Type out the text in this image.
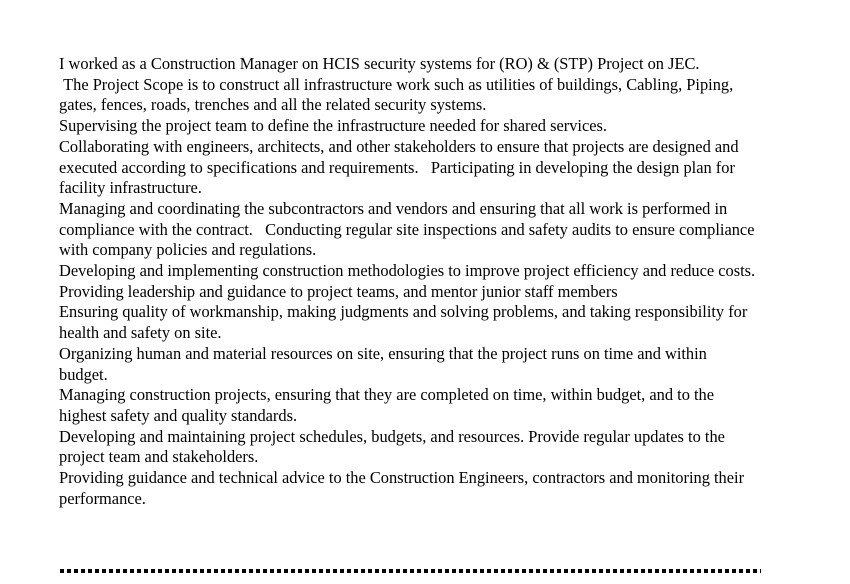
I worked as a Construction Manager on HCIS security systems for (RO) & (STP) Project on JEC.

The Project Scope is to construct all infrastructure work such as utilities of buildings, Cabling, Piping, gates, fences, roads, trenches and all the related security systems.

Supervising the project team to define the infrastructure needed for shared services.

Collaborating with engineers, architects, and other stakeholders to ensure that projects are designed and executed according to specifications and requirements.   Participating in developing the design plan for facility infrastructure.

Managing and coordinating the subcontractors and vendors and ensuring that all work is performed in compliance with the contract.   Conducting regular site inspections and safety audits to ensure compliance with company policies and regulations.

Developing and implementing construction methodologies to improve project efficiency and reduce costs.  Providing leadership and guidance to project teams, and mentor junior staff members

Ensuring quality of workmanship, making judgments and solving problems, and taking responsibility for health and safety on site.

Organizing human and material resources on site, ensuring that the project runs on time and within budget.

Managing construction projects, ensuring that they are completed on time, within budget, and to the highest safety and quality standards.

Developing and maintaining project schedules, budgets, and resources. Provide regular updates to the project team and stakeholders.

Providing guidance and technical advice to the Construction Engineers, contractors and monitoring their performance.
